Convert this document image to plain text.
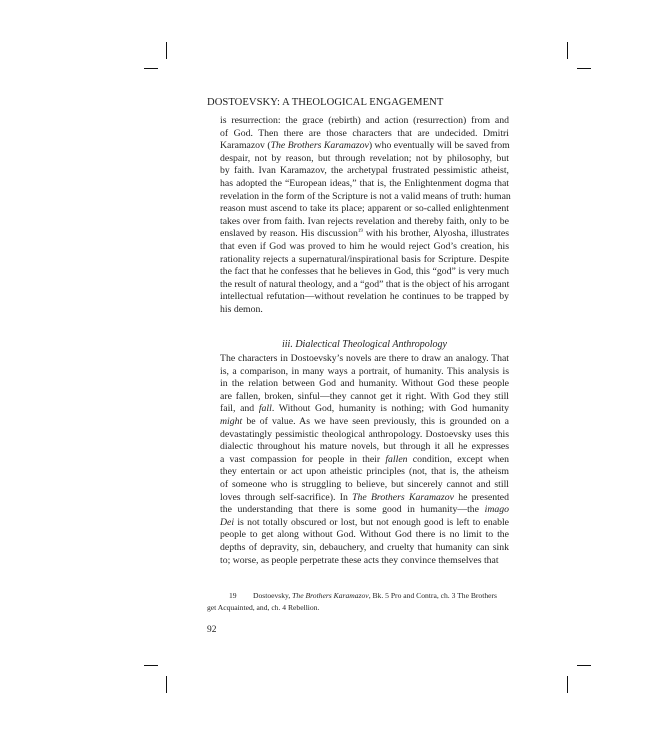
DOSTOEVSKY: A THEOLOGICAL ENGAGEMENT
is resurrection: the grace (rebirth) and action (resurrection) from and
of God. Then there are those characters that are undecided. Dmitri
Karamazov (The Brothers Karamazov) who eventually will be saved from
despair, not by reason, but through revelation; not by philosophy, but
by faith. Ivan Karamazov, the archetypal frustrated pessimistic atheist,
has adopted the “European ideas,” that is, the Enlightenment dogma that
revelation in the form of the Scripture is not a valid means of truth: human
reason must ascend to take its place; apparent or so-called enlightenment
takes over from faith. Ivan rejects revelation and thereby faith, only to be
enslaved by reason. His discussion$^{19}$ with his brother, Alyosha, illustrates
that even if God was proved to him he would reject God’s creation, his
rationality rejects a supernatural/inspirational basis for Scripture. Despite
the fact that he confesses that he believes in God, this “god” is very much
the result of natural theology, and a “god” that is the object of his arrogant
intellectual refutation—without revelation he continues to be trapped by
his demon.
iii. Dialectical Theological Anthropology
The characters in Dostoevsky’s novels are there to draw an analogy. That
is, a comparison, in many ways a portrait, of humanity. This analysis is
in the relation between God and humanity. Without God these people
are fallen, broken, sinful—they cannot get it right. With God they still
fail, and fall. Without God, humanity is nothing; with God humanity
might be of value. As we have seen previously, this is grounded on a
devastatingly pessimistic theological anthropology. Dostoevsky uses this
dialectic throughout his mature novels, but through it all he expresses
a vast compassion for people in their fallen condition, except when
they entertain or act upon atheistic principles (not, that is, the atheism
of someone who is struggling to believe, but sincerely cannot and still
loves through self-sacrifice). In The Brothers Karamazov he presented
the understanding that there is some good in humanity—the imago
Dei is not totally obscured or lost, but not enough good is left to enable
people to get along without God. Without God there is no limit to the
depths of depravity, sin, debauchery, and cruelty that humanity can sink
to; worse, as people perpetrate these acts they convince themselves that
19 Dostoevsky, The Brothers Karamazov, Bk. 5 Pro and Contra, ch. 3 The Brothers
get Acquainted, and, ch. 4 Rebellion.
92
